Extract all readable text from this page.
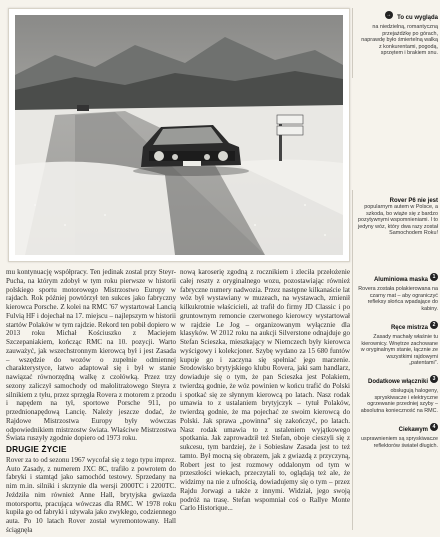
→ To cu wygląda

na niedzielną, romantyczną przejażdżkę po górach, naprawdę było śmiertelną walką z konkurentami, pogodą, sprzętem i brakiem snu.

Rover P6 nie jest

popularnym autem w Polsce, a szkoda, bo wiąże się z bardzo pozytywnymi wspomnieniami. I to jedyny wóz, który dwa razy został Samochodem Roku!

Aluminiowa maska1

Rovera została polakierowana na czarny mat – aby ograniczyć refleksy słońca wpadające do kabiny.

Ręce mistrza2

Zasady machały właśnie tu kierownicy. Wnętrze zachowane w oryginalnym stanie, łącznie ze wszystkimi rajdowymi „patentami”.

Dodatkowe włączniki3

obsługują halogeny, spryskiwacze i elektryczne ogrzewanie przedniej szyby – absolutna konieczność na RMC.

Ciekawym4

usprawnieniem są spryskiwacze reflektorów świateł długich.

mu kontynuację współpracy. Ten jedinak zostal przy Steyr-Pucha, na którym zdobył w tym roku pierwsze w historii polskiego sportu motorowego Mistrzostwo Europy w rajdach. Rok później powtórzył ten sukces jako fabryczny kierowca Porsche. Z kolei na RMC '67 wystartował Lancią Fulvią HF i dojechał na 17. miejscu – najlepszym w historii startów Polaków w tym rajdzie. Rekord ten pobił dopiero w 2013 roku Michał Kościuszko z Maciejem Szczepaniakiem, kończąc RMC na 10. pozycji. Warto zauważyć, jak wszechstronnym kierowcą był i jest Zasada – wszędzie do wozów o zupełnie odmiennej charakterystyce, łatwo adaptował się i był w stanie nawiązać równorzędną walkę z czołówką. Przez trzy sezony zaliczył samochody od małolitrażowego Steyra z silnikiem z tyłu, przez sprzęgła Rovera z motorem z przodu i napędem na tył, sportowe Porsche 911, po przednionapędową Lancię. Należy jeszcze dodać, że Rajdowe Mistrzostwa Europy były wówczas odpowiednikiem mistrzostw świata. Właściwe Mistrzostwa Świata ruszyły zgodnie dopiero od 1973 roku.

DRUGIE ŻYCIE

Rover za to od sezonu 1967 wycofał się z tego typu imprez. Auto Zasady, z numerem JXC 8C, trafiło z powrotem do fabryki i stamtąd jako samochód testowy. Sprzedany na nim m.in. silniki i skrzynie dla wersji 2000TC i 2200TC. Jeździła nim również Anne Hall, brytyjska gwiazda motorsportu, pracująca wówczas dla RMC. W 1978 roku kupiła go od fabryki i używała jako zwykłego, codziennego auta. Po 10 latach Rover został wyremontowany. Hall ściągnęła

nową karoserię zgodną z rocznikiem i zleciła przełożenie całej reszty z oryginalnego wozu, pozostawiając również fabryczne numery nadwozia. Przez następne kilkanaście lat wóz był wystawiany w muzeach, na wystawach, zmienił kilkukrotnie właścicieli, aż trafił do firmy JD Classic i po gruntownym remoncie czerwonego kierowcy wystartował w rajdzie Le Jog – organizowanym wyłącznie dla klasyków. W 2012 roku na aukcji Silverstone odnajduje go Stefan Scieszka, mieszkający w Niemczech były kierowca wyścigowy i kolekcjoner. Szybę wydano za 15 680 funtów kupuje go i zaczyna się spełniać jego marzenie. Srodowisko brytyjskiego klubu Rovera, jaki sam handlarz, dowiaduje się o tym, że pan Scieszka jest Polakiem, twierdzą godnie, że wóz powinien w końcu trafić do Polski i spotkać się ze słynnym kierowcą po latach. Nasz rodak umawia to z ustalaniem brytyjczyk – tytuł Polaków, twierdzą godnie, że ma pojechać ze swoim kierowcą do Polski. Jak sprawa „powinna” się zakończyć, po latach. Nasz rodak umawia to z ustaleniem wyjątkowego spotkania. Jak zaprowadził też Stefan, oboje cieszyli się z sukcesu, tym bardziej, że i Sobiesław Zasada jest to też tamto. Był mocną się obrazem, jak z gwiazdą z przyczyną, Robert jest to jest rozmowy oddalonym od tym w przeszłości wiekach, przeczytali to, oglądają też ale, że widzimy na nie z ufnością, dowiadujemy się o tym – przez Rajdu Jorwagi a także z innymi. Widział, jego swoją podróż na trasę. Stefan wspomniał coś o Rallye Monte Carlo Historique...
